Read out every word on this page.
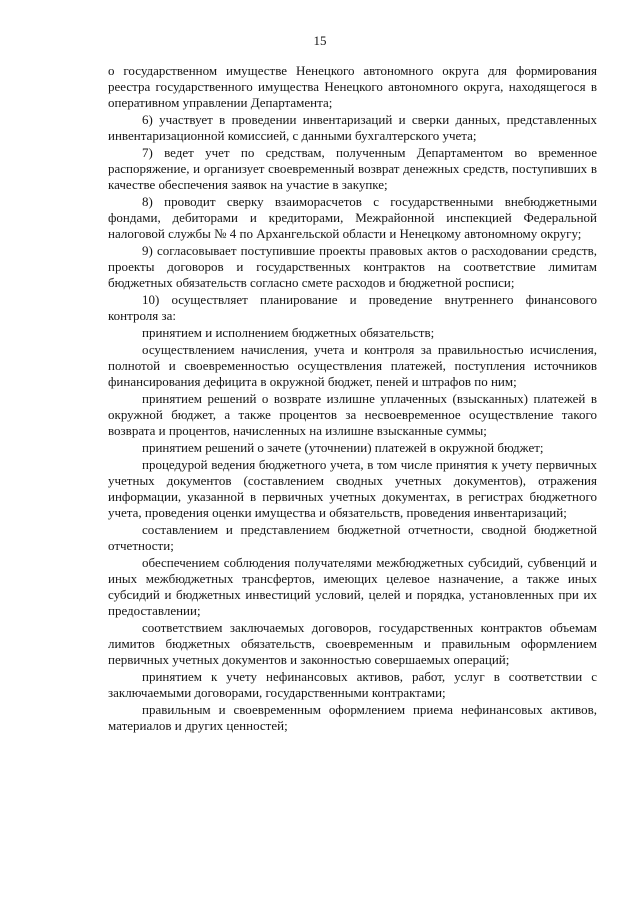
15

о государственном имуществе Ненецкого автономного округа для формирования реестра государственного имущества Ненецкого автономного округа, находящегося в оперативном управлении Департамента;

6) участвует в проведении инвентаризаций и сверки данных, представленных инвентаризационной комиссией, с данными бухгалтерского учета;

7) ведет учет по средствам, полученным Департаментом во временное распоряжение, и организует своевременный возврат денежных средств, поступивших в качестве обеспечения заявок на участие в закупке;

8) проводит сверку взаиморасчетов с государственными внебюджетными фондами, дебиторами и кредиторами, Межрайонной инспекцией Федеральной налоговой службы № 4 по Архангельской области и Ненецкому автономному округу;

9) согласовывает поступившие проекты правовых актов о расходовании средств, проекты договоров и государственных контрактов на соответствие лимитам бюджетных обязательств согласно смете расходов и бюджетной росписи;

10) осуществляет планирование и проведение внутреннего финансового контроля за:

принятием и исполнением бюджетных обязательств;

осуществлением начисления, учета и контроля за правильностью исчисления, полнотой и своевременностью осуществления платежей, поступления источников финансирования дефицита в окружной бюджет, пеней и штрафов по ним;

принятием решений о возврате излишне уплаченных (взысканных) платежей в окружной бюджет, а также процентов за несвоевременное осуществление такого возврата и процентов, начисленных на излишне взысканные суммы;

принятием решений о зачете (уточнении) платежей в окружной бюджет;

процедурой ведения бюджетного учета, в том числе принятия к учету первичных учетных документов (составлением сводных учетных документов), отражения информации, указанной в первичных учетных документах, в регистрах бюджетного учета, проведения оценки имущества и обязательств, проведения инвентаризаций;

составлением и представлением бюджетной отчетности, сводной бюджетной отчетности;

обеспечением соблюдения получателями межбюджетных субсидий, субвенций и иных межбюджетных трансфертов, имеющих целевое назначение, а также иных субсидий и бюджетных инвестиций условий, целей и порядка, установленных при их предоставлении;

соответствием заключаемых договоров, государственных контрактов объемам лимитов бюджетных обязательств, своевременным и правильным оформлением первичных учетных документов и законностью совершаемых операций;

принятием к учету нефинансовых активов, работ, услуг в соответствии с заключаемыми договорами, государственными контрактами;

правильным и своевременным оформлением приема нефинансовых активов, материалов и других ценностей;
